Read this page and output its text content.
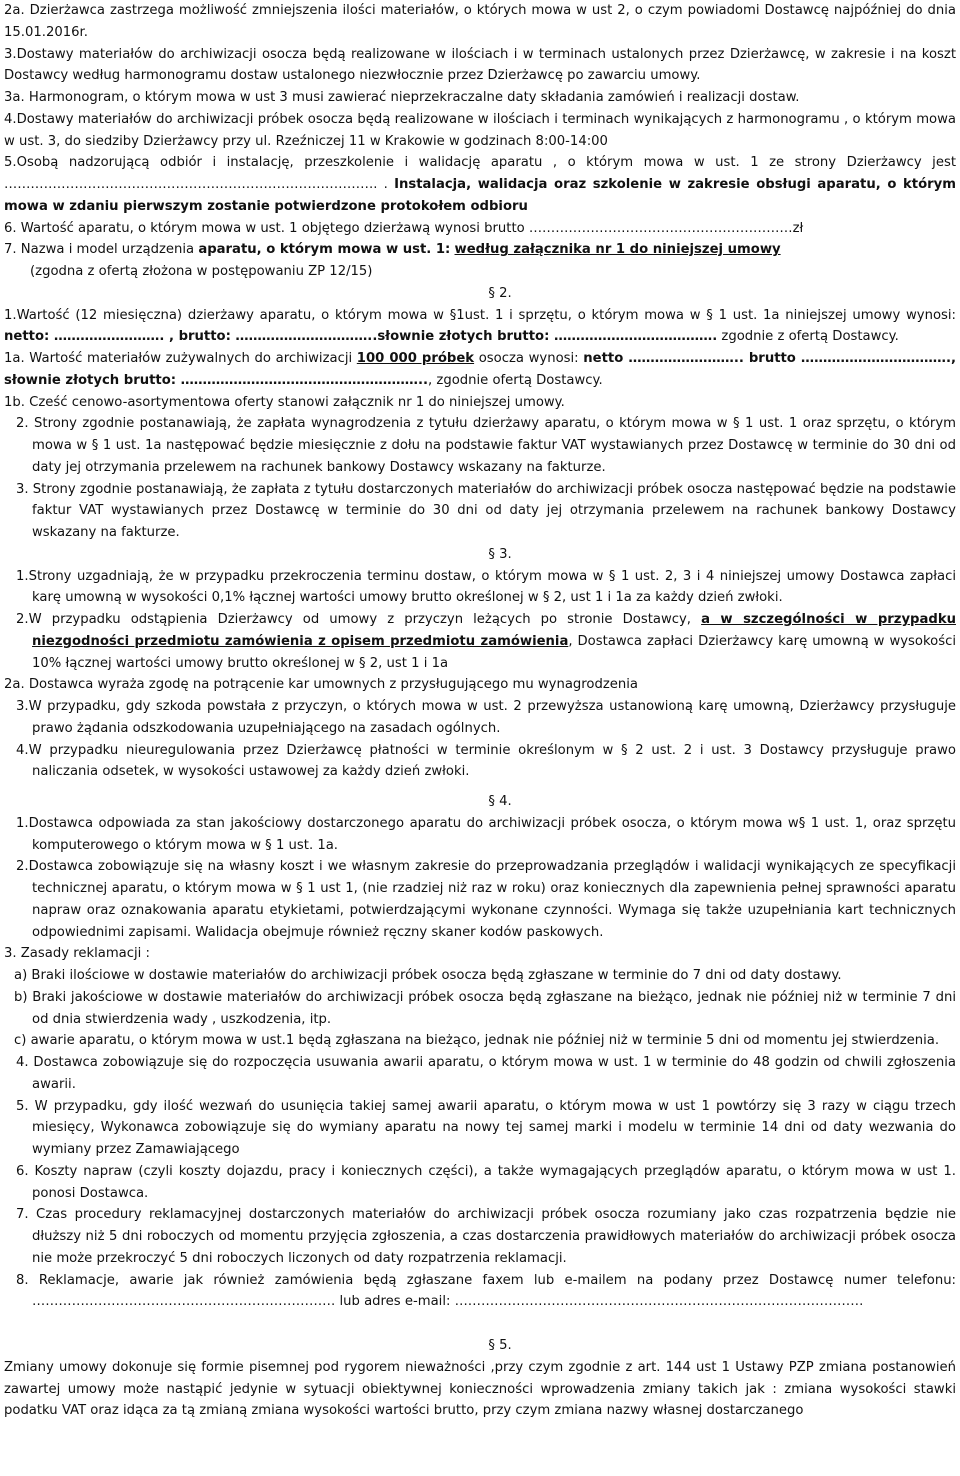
2a. Dzierżawca zastrzega możliwość zmniejszenia ilości materiałów, o których mowa w ust 2, o czym powiadomi Dostawcę najpóźniej do dnia 15.01.2016r.

3.Dostawy materiałów do archiwizacji osocza będą realizowane w ilościach i w terminach ustalonych przez Dzierżawcę, w zakresie i na koszt Dostawcy według harmonogramu dostaw ustalonego niezwłocznie przez Dzierżawcę po zawarciu umowy.

3a. Harmonogram, o którym mowa w ust 3 musi zawierać nieprzekraczalne daty składania zamówień i realizacji dostaw.

4.Dostawy materiałów do archiwizacji próbek osocza będą realizowane w ilościach i terminach wynikających z harmonogramu , o którym mowa w ust. 3, do siedziby Dzierżawcy przy ul. Rzeźniczej 11 w Krakowie w godzinach 8:00-14:00

5.Osobą nadzorującą odbiór i instalację, przeszkolenie i walidację aparatu , o którym mowa w ust. 1 ze strony Dzierżawcy jest …………………………………………………………………………. . Instalacja, walidacja oraz szkolenie w zakresie obsługi aparatu, o którym mowa w zdaniu pierwszym zostanie potwierdzone protokołem odbioru

6. Wartość aparatu, o którym mowa w ust. 1 objętego dzierżawą wynosi brutto ……………………………………………………zł

7. Nazwa i model urządzenia aparatu, o którym mowa w ust. 1: według załącznika nr 1 do niniejszej umowy

(zgodna z ofertą złożona w postępowaniu ZP 12/15)

§ 2.

1.Wartość (12 miesięczna) dzierżawy aparatu, o którym mowa w §1ust. 1 i sprzętu, o którym mowa w § 1 ust. 1a niniejszej umowy wynosi: netto: ……………………. , brutto: …………………………..słownie złotych brutto: ………………………………. zgodnie z ofertą Dostawcy.

1a. Wartość materiałów zużywalnych do archiwizacji 100 000 próbek osocza wynosi: netto …………………….. brutto ……………………………., słownie złotych brutto: ……………………………………………….., zgodnie ofertą Dostawcy.

1b. Cześć cenowo-asortymentowa oferty stanowi załącznik nr 1 do niniejszej umowy.

2. Strony zgodnie postanawiają, że zapłata wynagrodzenia z tytułu dzierżawy aparatu, o którym mowa w § 1 ust. 1 oraz sprzętu, o którym mowa w § 1 ust. 1a następować będzie miesięcznie z dołu na podstawie faktur VAT wystawianych przez Dostawcę w terminie do 30 dni od daty jej otrzymania przelewem na rachunek bankowy Dostawcy wskazany na fakturze.

3. Strony zgodnie postanawiają, że zapłata z tytułu dostarczonych materiałów do archiwizacji próbek osocza następować będzie na podstawie faktur VAT wystawianych przez Dostawcę w terminie do 30 dni od daty jej otrzymania przelewem na rachunek bankowy Dostawcy wskazany na fakturze.

§ 3.

1.Strony uzgadniają, że w przypadku przekroczenia terminu dostaw, o którym mowa w § 1 ust. 2, 3 i 4 niniejszej umowy Dostawca zapłaci karę umowną w wysokości 0,1% łącznej wartości umowy brutto określonej w § 2, ust 1 i 1a za każdy dzień zwłoki.

2.W przypadku odstąpienia Dzierżawcy od umowy z przyczyn leżących po stronie Dostawcy, a w szczególności w przypadku niezgodności przedmiotu zamówienia z opisem przedmiotu zamówienia, Dostawca zapłaci Dzierżawcy karę umowną w wysokości 10% łącznej wartości umowy brutto określonej w § 2, ust 1 i 1a

2a. Dostawca wyraża zgodę na potrącenie kar umownych z przysługującego mu wynagrodzenia

3.W przypadku, gdy szkoda powstała z przyczyn, o których mowa w ust. 2 przewyższa ustanowioną karę umowną, Dzierżawcy przysługuje prawo żądania odszkodowania uzupełniającego na zasadach ogólnych.

4.W przypadku nieuregulowania przez Dzierżawcę płatności w terminie określonym w § 2 ust. 2 i ust. 3 Dostawcy przysługuje prawo naliczania odsetek, w wysokości ustawowej za każdy dzień zwłoki.

§ 4.

1.Dostawca odpowiada za stan jakościowy dostarczonego aparatu do archiwizacji próbek osocza, o którym mowa w§ 1 ust. 1, oraz sprzętu komputerowego o którym mowa w § 1 ust. 1a.

2.Dostawca zobowiązuje się na własny koszt i we własnym zakresie do przeprowadzania przeglądów i walidacji wynikających ze specyfikacji technicznej aparatu, o którym mowa w § 1 ust 1, (nie rzadziej niż raz w roku) oraz koniecznych dla zapewnienia pełnej sprawności aparatu napraw oraz oznakowania aparatu etykietami, potwierdzającymi wykonane czynności. Wymaga się także uzupełniania kart technicznych odpowiednimi zapisami. Walidacja obejmuje również ręczny skaner kodów paskowych.

3. Zasady reklamacji :

a) Braki ilościowe w dostawie materiałów do archiwizacji próbek osocza będą zgłaszane w terminie do 7 dni od daty dostawy.

b) Braki jakościowe w dostawie materiałów do archiwizacji próbek osocza będą zgłaszane na bieżąco, jednak nie później niż w terminie 7 dni od dnia stwierdzenia wady , uszkodzenia, itp.

c) awarie aparatu, o którym mowa w ust.1 będą zgłaszana na bieżąco, jednak nie później niż w terminie 5 dni od momentu jej stwierdzenia.

4. Dostawca zobowiązuje się do rozpoczęcia usuwania awarii aparatu, o którym mowa w ust. 1 w terminie do 48 godzin od chwili zgłoszenia awarii.

5. W przypadku, gdy ilość wezwań do usunięcia takiej samej awarii aparatu, o którym mowa w ust 1 powtórzy się 3 razy w ciągu trzech miesięcy, Wykonawca zobowiązuje się do wymiany aparatu na nowy tej samej marki i modelu w terminie 14 dni od daty wezwania do wymiany przez Zamawiającego

6. Koszty napraw (czyli koszty dojazdu, pracy i koniecznych części), a także wymagających przeglądów aparatu, o którym mowa w ust 1. ponosi Dostawca.

7. Czas procedury reklamacyjnej dostarczonych materiałów do archiwizacji próbek osocza rozumiany jako czas rozpatrzenia będzie nie dłuższy niż 5 dni roboczych od momentu przyjęcia zgłoszenia, a czas dostarczenia prawidłowych materiałów do archiwizacji próbek osocza nie może przekroczyć 5 dni roboczych liczonych od daty rozpatrzenia reklamacji.

8. Reklamacje, awarie jak również zamówienia będą zgłaszane faxem lub e-mailem na podany przez Dostawcę numer telefonu: …………………………………………………………… lub adres e-mail: …………………………………………………………………………………

§ 5.

Zmiany umowy dokonuje się formie pisemnej pod rygorem nieważności ,przy czym zgodnie z art. 144 ust 1 Ustawy PZP zmiana postanowień zawartej umowy może nastąpić jedynie w sytuacji obiektywnej konieczności wprowadzenia zmiany takich jak : zmiana wysokości stawki podatku VAT oraz idąca za tą zmianą zmiana wysokości wartości brutto, przy czym zmiana nazwy własnej dostarczanego
